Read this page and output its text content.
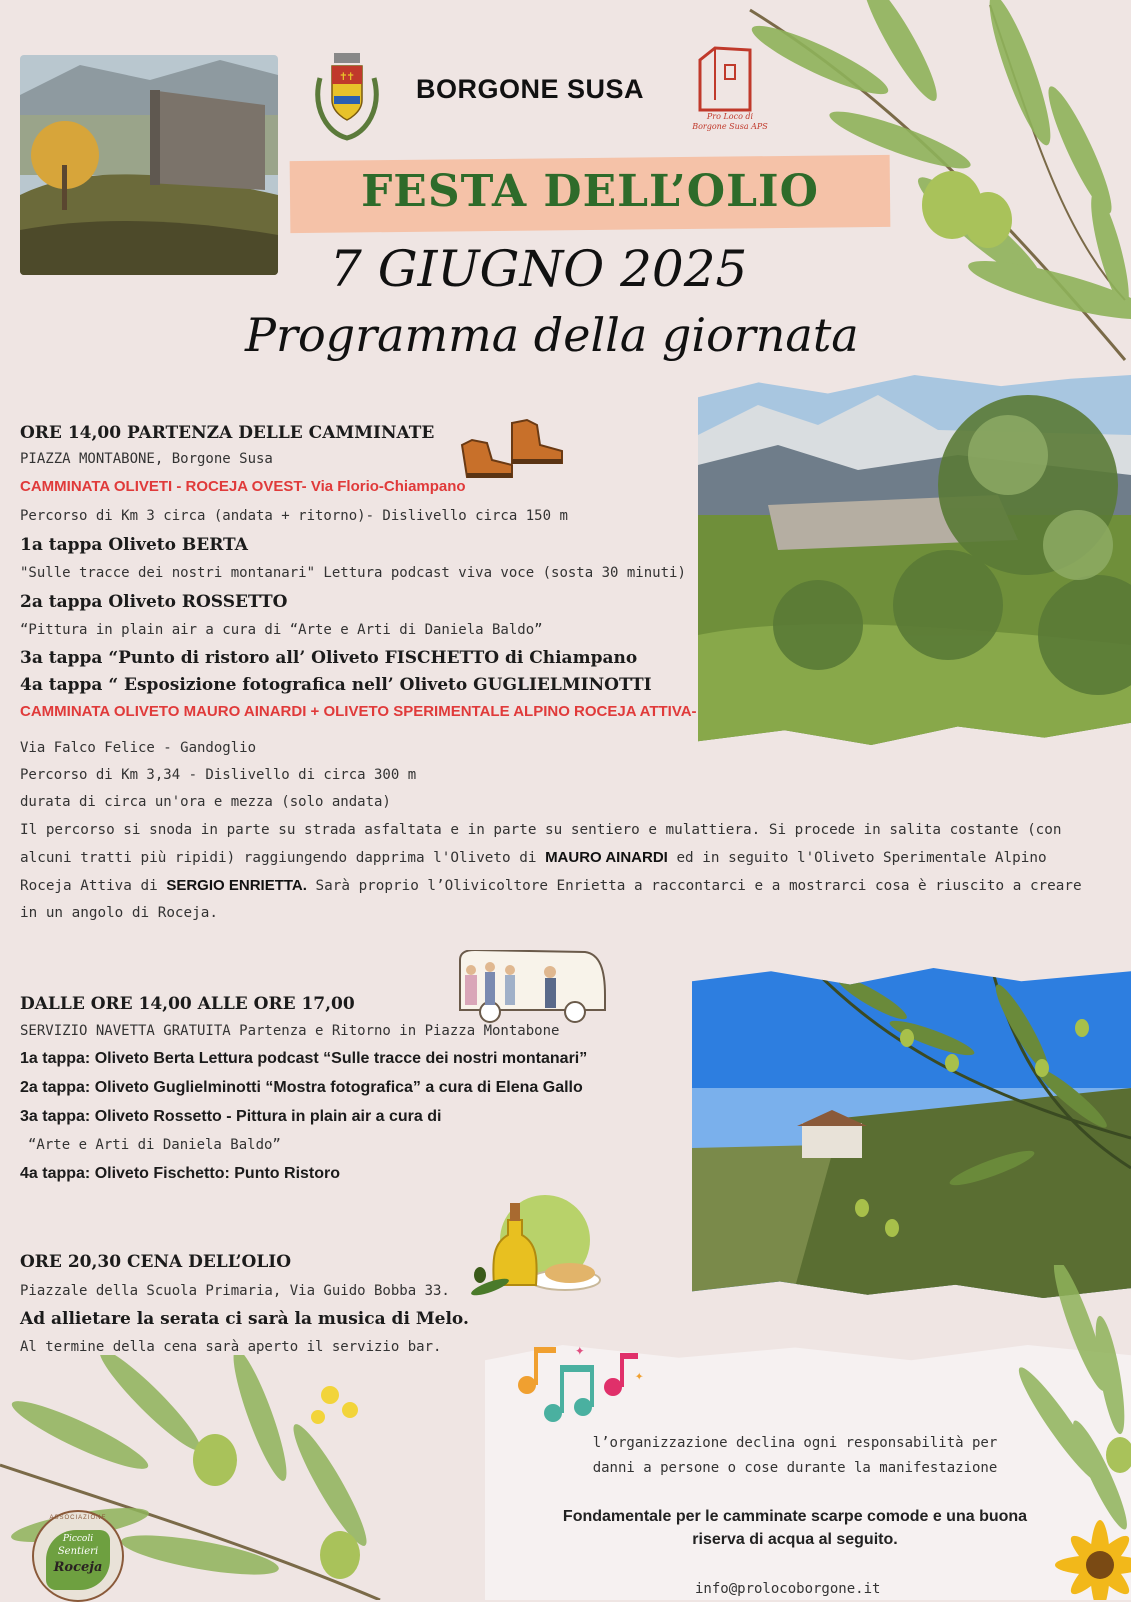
✝✝ BORGONE SUSA
Pro Loco di
Borgone Susa APS
FESTA DELL’OLIO
7 GIUGNO 2025
Programma della giornata
ORE 14,00 PARTENZA DELLE CAMMINATE
PIAZZA MONTABONE, Borgone Susa
CAMMINATA OLIVETI - ROCEJA OVEST- Via Florio-Chiampano
Percorso di Km 3 circa (andata + ritorno)- Dislivello circa 150 m
1a tappa Oliveto BERTA
"Sulle tracce dei nostri montanari" Lettura podcast viva voce (sosta 30 minuti)
2a tappa Oliveto ROSSETTO
“Pittura in plain air a cura di “Arte e Arti di Daniela Baldo”
3a tappa “Punto di ristoro all’ Oliveto FISCHETTO di Chiampano
4a tappa “ Esposizione fotografica nell’ Oliveto GUGLIELMINOTTI
CAMMINATA OLIVETO MAURO AINARDI + OLIVETO SPERIMENTALE ALPINO ROCEJA ATTIVA-
Via Falco Felice - Gandoglio
Percorso di Km 3,34 - Dislivello di circa 300 m
durata di circa un'ora e mezza (solo andata)
Il percorso si snoda in parte su strada asfaltata e in parte su sentiero e mulattiera. Si procede in salita costante (con alcuni tratti più ripidi) raggiungendo dapprima l'Oliveto di MAURO AINARDI ed in seguito l'Oliveto Sperimentale Alpino Roceja Attiva di SERGIO ENRIETTA. Sarà proprio l’Olivicoltore Enrietta a raccontarci e a mostrarci cosa è riuscito a creare in un angolo di Roceja.
DALLE ORE 14,00 ALLE ORE 17,00
SERVIZIO NAVETTA GRATUITA Partenza e Ritorno in Piazza Montabone
1a tappa: Oliveto Berta Lettura podcast “Sulle tracce dei nostri montanari”
2a tappa: Oliveto Guglielminotti “Mostra fotografica” a cura di Elena Gallo
3a tappa: Oliveto Rossetto - Pittura in plain air a cura di
“Arte e Arti di Daniela Baldo”
4a tappa: Oliveto Fischetto: Punto Ristoro
ORE 20,30 CENA DELL’OLIO
Piazzale della Scuola Primaria, Via Guido Bobba 33.
Ad allietare la serata ci sarà la musica di Melo.
Al termine della cena sarà aperto il servizio bar.
ASSOCIAZIONE
Piccoli
Sentieri
Roceja
✦
✦
l’organizzazione declina ogni responsabilità per
danni a persone o cose durante la manifestazione
Fondamentale per le camminate scarpe comode e una buona riserva di acqua al seguito.
info@prolocoborgone.it
